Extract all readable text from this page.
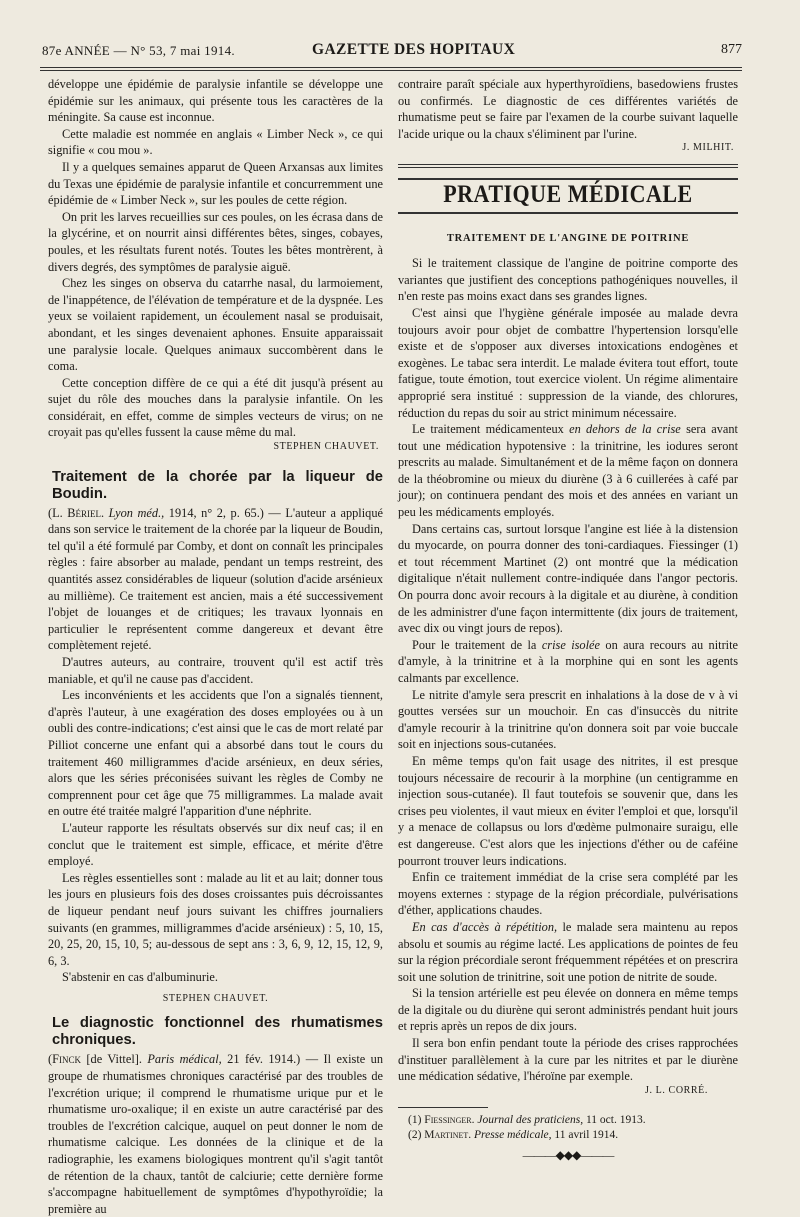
87e ANNÉE — N° 53, 7 mai 1914.	GAZETTE DES HOPITAUX	877

développe une épidémie de paralysie infantile se développe une épidémie sur les animaux, qui présente tous les caractères de la méningite. Sa cause est inconnue.

Cette maladie est nommée en anglais « Limber Neck », ce qui signifie « cou mou ».

Il y a quelques semaines apparut de Queen Arxansas aux limites du Texas une épidémie de paralysie infantile et concurremment une épidémie de « Limber Neck », sur les poules de cette région.

On prit les larves recueillies sur ces poules, on les écrasa dans de la glycérine, et on nourrit ainsi différentes bêtes, singes, cobayes, poules, et les résultats furent notés. Toutes les bêtes montrèrent, à divers degrés, des symptômes de paralysie aiguë.

Chez les singes on observa du catarrhe nasal, du larmoiement, de l'inappétence, de l'élévation de température et de la dyspnée. Les yeux se voilaient rapidement, un écoulement nasal se produisait, abondant, et les singes devenaient aphones. Ensuite apparaissait une paralysie locale. Quelques animaux succombèrent dans le coma.

Cette conception diffère de ce qui a été dit jusqu'à présent au sujet du rôle des mouches dans la paralysie infantile. On les considérait, en effet, comme de simples vecteurs de virus; on ne croyait pas qu'elles fussent la cause même du mal.

STEPHEN CHAUVET.
Traitement de la chorée par la liqueur de Boudin.

(L. Bériel. Lyon méd., 1914, n° 2, p. 65.) — L'auteur a appliqué dans son service le traitement de la chorée par la liqueur de Boudin, tel qu'il a été formulé par Comby, et dont on connaît les principales règles : faire absorber au malade, pendant un temps restreint, des quantités assez considérables de liqueur (solution d'acide arsénieux au millième). Ce traitement est ancien, mais a été successivement l'objet de louanges et de critiques; les travaux lyonnais en particulier le représentent comme dangereux et devant être complètement rejeté.

D'autres auteurs, au contraire, trouvent qu'il est actif très maniable, et qu'il ne cause pas d'accident.

Les inconvénients et les accidents que l'on a signalés tiennent, d'après l'auteur, à une exagération des doses employées ou à un oubli des contre-indications; c'est ainsi que le cas de mort relaté par Pilliot concerne une enfant qui a absorbé dans tout le cours du traitement 460 milligrammes d'acide arsénieux, en deux séries, alors que les séries préconisées suivant les règles de Comby ne comprennent pour cet âge que 75 milligrammes. La malade avait en outre été traitée malgré l'apparition d'une néphrite.

L'auteur rapporte les résultats observés sur dix neuf cas; il en conclut que le traitement est simple, efficace, et mérite d'être employé.

Les règles essentielles sont : malade au lit et au lait; donner tous les jours en plusieurs fois des doses croissantes puis décroissantes de liqueur pendant neuf jours suivant les chiffres journaliers suivants (en grammes, milligrammes d'acide arsénieux) : 5, 10, 15, 20, 25, 20, 15, 10, 5; au-dessous de sept ans : 3, 6, 9, 12, 15, 12, 9, 6, 3.

S'abstenir en cas d'albuminurie.

STEPHEN CHAUVET.
Le diagnostic fonctionnel des rhumatismes chroniques.

(Finck [de Vittel]. Paris médical, 21 fév. 1914.) — Il existe un groupe de rhumatismes chroniques caractérisé par des troubles de l'excrétion urique; il comprend le rhumatisme urique pur et le rhumatisme uro-oxalique; il en existe un autre caractérisé par des troubles de l'excrétion calcique, auquel on peut donner le nom de rhumatisme calcique. Les données de la clinique et de la radiographie, les examens biologiques montrent qu'il s'agit tantôt de rétention de la chaux, tantôt de calciurie; cette dernière forme s'accompagne habituellement de symptômes d'hypothyroïdie; la première au

contraire paraît spéciale aux hyperthyroïdiens, basedowiens frustes ou confirmés. Le diagnostic de ces différentes variétés de rhumatisme peut se faire par l'examen de la courbe suivant laquelle l'acide urique ou la chaux s'éliminent par l'urine.

J. MILHIT.
PRATIQUE MÉDICALE
TRAITEMENT DE L'ANGINE DE POITRINE

Si le traitement classique de l'angine de poitrine comporte des variantes que justifient des conceptions pathogéniques nouvelles, il n'en reste pas moins exact dans ses grandes lignes.

C'est ainsi que l'hygiène générale imposée au malade devra toujours avoir pour objet de combattre l'hypertension lorsqu'elle existe et de s'opposer aux diverses intoxications endogènes et exogènes. Le tabac sera interdit. Le malade évitera tout effort, toute fatigue, toute émotion, tout exercice violent. Un régime alimentaire approprié sera institué : suppression de la viande, des chlorures, réduction du repas du soir au strict minimum nécessaire.

Le traitement médicamenteux en dehors de la crise sera avant tout une médication hypotensive : la trinitrine, les iodures seront prescrits au malade. Simultanément et de la même façon on donnera de la théobromine ou mieux du diurène (3 à 6 cuillerées à café par jour); on continuera pendant des mois et des années en variant un peu les médicaments employés.

Dans certains cas, surtout lorsque l'angine est liée à la distension du myocarde, on pourra donner des toni-cardiaques. Fiessinger (1) et tout récemment Martinet (2) ont montré que la médication digitalique n'était nullement contre-indiquée dans l'angor pectoris. On pourra donc avoir recours à la digitale et au diurène, à condition de les administrer d'une façon intermittente (dix jours de traitement, avec dix ou vingt jours de repos).

Pour le traitement de la crise isolée on aura recours au nitrite d'amyle, à la trinitrine et à la morphine qui en sont les agents calmants par excellence.

Le nitrite d'amyle sera prescrit en inhalations à la dose de v à vi gouttes versées sur un mouchoir. En cas d'insuccès du nitrite d'amyle recourir à la trinitrine qu'on donnera soit par voie buccale soit en injections sous-cutanées.

En même temps qu'on fait usage des nitrites, il est presque toujours nécessaire de recourir à la morphine (un centigramme en injection sous-cutanée). Il faut toutefois se souvenir que, dans les crises peu violentes, il vaut mieux en éviter l'emploi et que, lorsqu'il y a menace de collapsus ou lors d'œdème pulmonaire suraigu, elle est dangereuse. C'est alors que les injections d'éther ou de caféine pourront trouver leurs indications.

Enfin ce traitement immédiat de la crise sera complété par les moyens externes : stypage de la région précordiale, pulvérisations d'éther, applications chaudes.

En cas d'accès à répétition, le malade sera maintenu au repos absolu et soumis au régime lacté. Les applications de pointes de feu sur la région précordiale seront fréquemment répétées et on prescrira soit une solution de trinitrine, soit une potion de nitrite de soude.

Si la tension artérielle est peu élevée on donnera en même temps de la digitale ou du diurène qui seront administrés pendant huit jours et repris après un repos de dix jours.

Il sera bon enfin pendant toute la période des crises rapprochées d'instituer parallèlement à la cure par les nitrites et par le diurène une médication sédative, l'héroïne par exemple.

J. L. CORRÉ.

(1) Fiessinger. Journal des praticiens, 11 oct. 1913.

(2) Martinet. Presse médicale, 11 avril 1914.

―――◆◆◆―――
